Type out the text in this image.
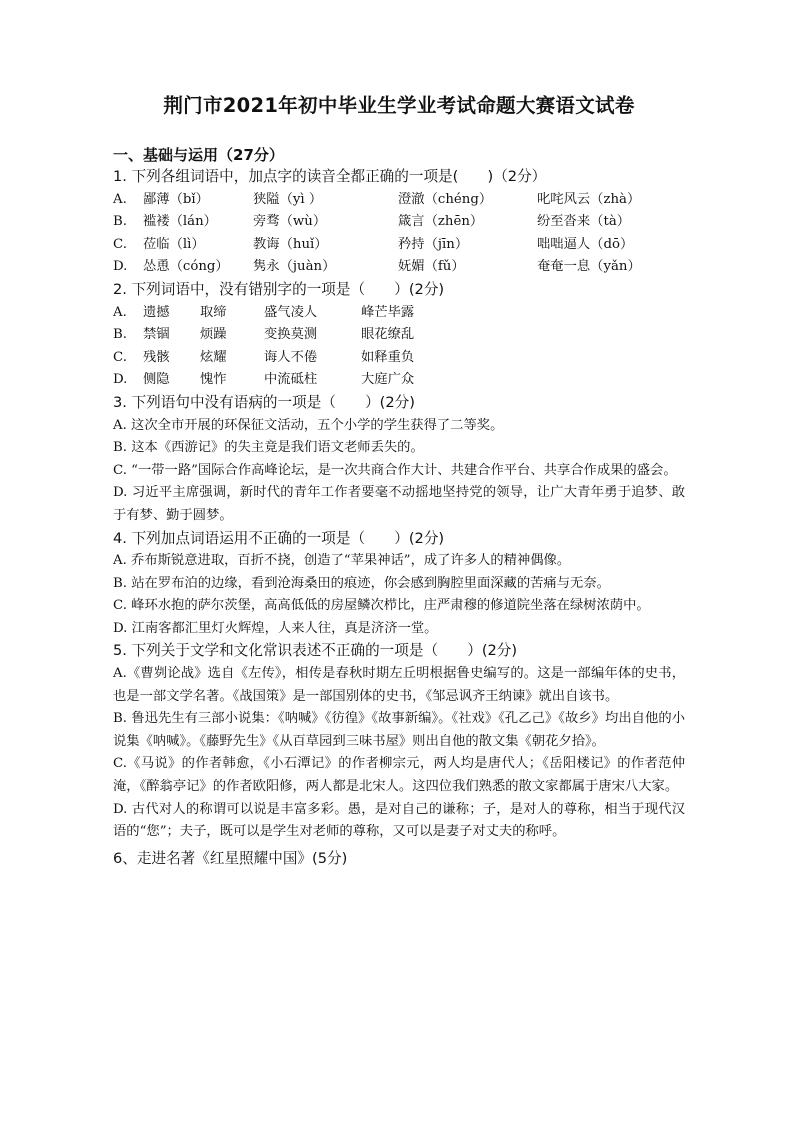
荆门市2021年初中毕业生学业考试命题大赛语文试卷
一、基础与运用（27分）
1. 下列各组词语中，加点字的读音全都正确的一项是(　　)（2分）
A.	鄙薄（bǐ）	狭隘（yì ）	澄澈（chéng）	叱咤风云（zhà）
B.	褴褛（lán）	旁骛（wù）	箴言（zhēn）	纷至沓来（tà）
C.	莅临（lì）	教诲（huǐ）	矜持（jīn）	咄咄逼人（dō）
D.	怂恿（cóng）	隽永（juàn）	妩媚（fǔ）	奄奄一息（yǎn）
2. 下列词语中，没有错别字的一项是（　　）(2分)
A.	遗撼	取缔	盛气凌人	峰芒毕露
B.	禁锢	烦躁	变换莫测	眼花缭乱
C.	残骸	炫耀	诲人不倦	如释重负
D.	侧隐	愧怍	中流砥柱	大庭广众
3. 下列语句中没有语病的一项是（　　）(2分)

A. 这次全市开展的环保征文活动，五个小学的学生获得了二等奖。

B. 这本《西游记》的失主竟是我们语文老师丢失的。

C. “一带一路”国际合作高峰论坛，是一次共商合作大计、共建合作平台、共享合作成果的盛会。

D. 习近平主席强调，新时代的青年工作者要毫不动摇地坚持党的领导，让广大青年勇于追梦、敢于有梦、勤于圆梦。

4. 下列加点词语运用不正确的一项是（　　）(2分)

A. 乔布斯锐意进取，百折不挠，创造了“苹果神话”，成了许多人的精神偶像。

B. 站在罗布泊的边缘，看到沧海桑田的痕迹，你会感到胸腔里面深藏的苦痛与无奈。

C. 峰环水抱的萨尔茨堡，高高低低的房屋鳞次栉比，庄严肃穆的修道院坐落在绿树浓荫中。

D. 江南客都汇里灯火辉煌，人来人往，真是济济一堂。

5. 下列关于文学和文化常识表述不正确的一项是（　　）(2分)

A.《曹刿论战》选自《左传》，相传是春秋时期左丘明根据鲁史编写的。这是一部编年体的史书，也是一部文学名著。《战国策》是一部国别体的史书，《邹忌讽齐王纳谏》就出自该书。

B. 鲁迅先生有三部小说集：《呐喊》《彷徨》《故事新编》。《社戏》《孔乙己》《故乡》均出自他的小说集《呐喊》。《藤野先生》《从百草园到三味书屋》则出自他的散文集《朝花夕拾》。

C.《马说》的作者韩愈，《小石潭记》的作者柳宗元，两人均是唐代人；《岳阳楼记》的作者范仲淹，《醉翁亭记》的作者欧阳修，两人都是北宋人。这四位我们熟悉的散文家都属于唐宋八大家。

D. 古代对人的称谓可以说是丰富多彩。愚，是对自己的谦称；子，是对人的尊称，相当于现代汉语的“您”；夫子，既可以是学生对老师的尊称，又可以是妻子对丈夫的称呼。

6、走进名著《红星照耀中国》(5分)
